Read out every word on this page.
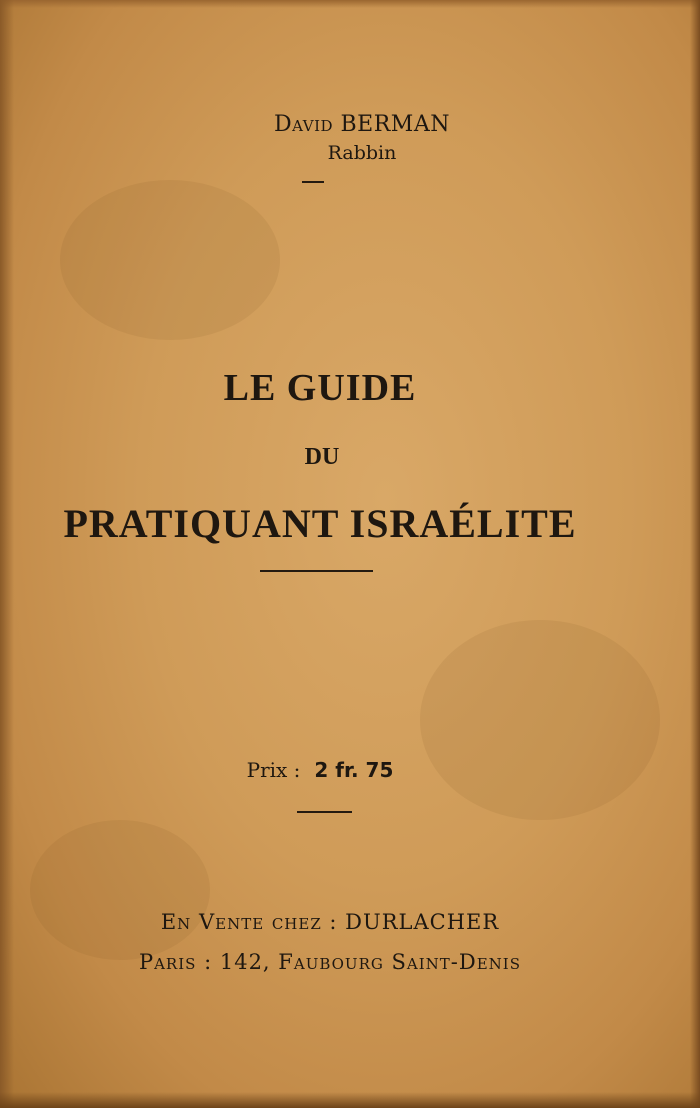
David BERMAN
Rabbin
LE GUIDE
DU
PRATIQUANT ISRAÉLITE
Prix : 2 fr. 75
En Vente chez : DURLACHER
Paris : 142, Faubourg Saint-Denis
